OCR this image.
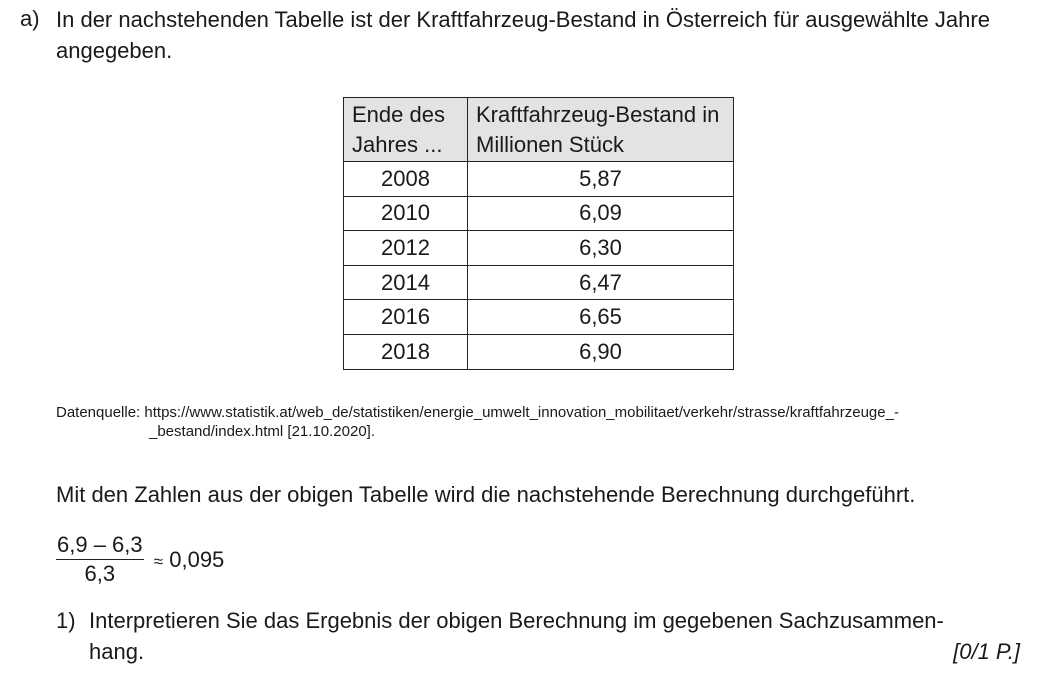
a) In der nachstehenden Tabelle ist der Kraftfahrzeug-Bestand in Österreich für ausgewählte Jahre angegeben.
Ende des Jahres ...	Kraftfahrzeug-Bestand in Millionen Stück
2008	5,87
2010	6,09
2012	6,30
2014	6,47
2016	6,65
2018	6,90
Datenquelle: https://www.statistik.at/web_de/statistiken/energie_umwelt_innovation_mobilitaet/verkehr/strasse/kraftfahrzeuge_-
_bestand/index.html [21.10.2020].
Mit den Zahlen aus der obigen Tabelle wird die nachstehende Berechnung durchgeführt.
$\frac{6,9 - 6,3}{6,3} \approx 0,095$
1) Interpretieren Sie das Ergebnis der obigen Berechnung im gegebenen Sachzusammen-hang.	[0/1 P.]
